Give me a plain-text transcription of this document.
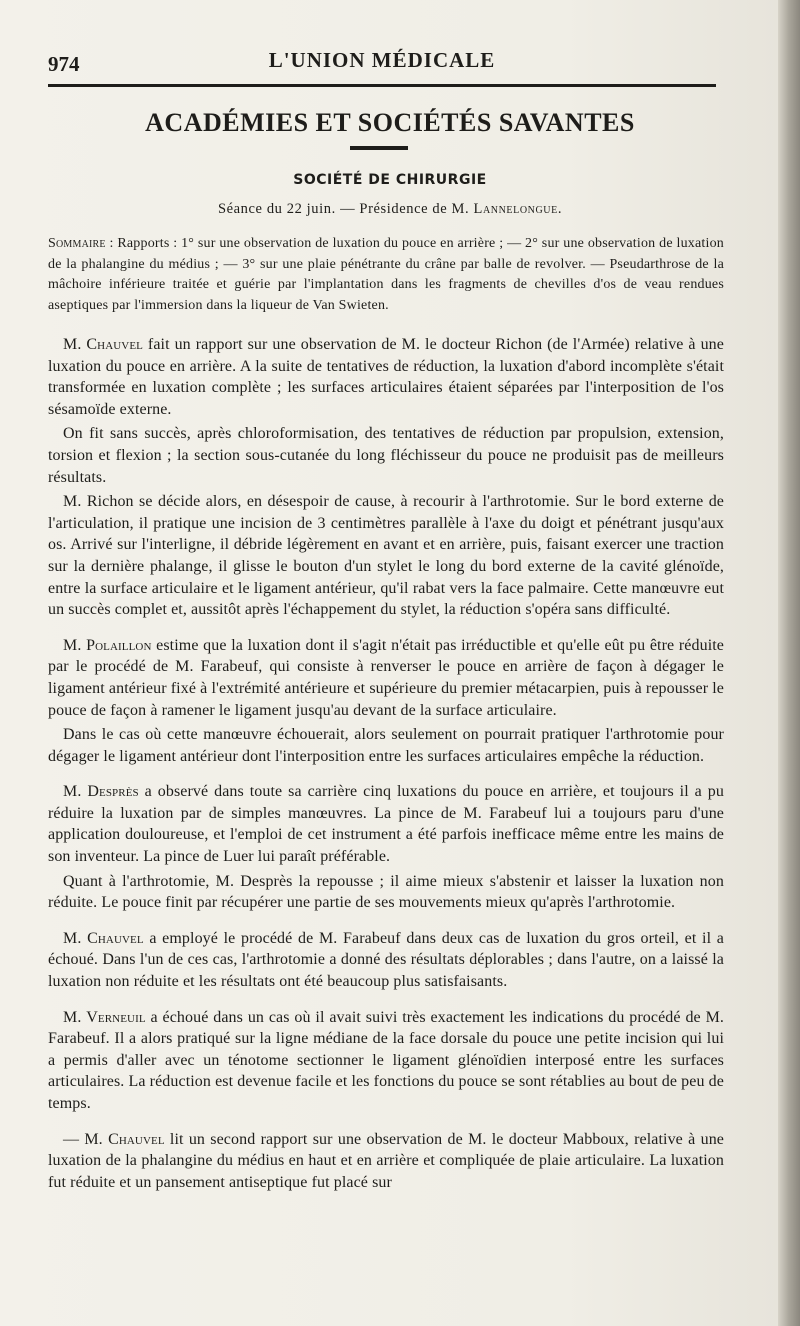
974	L'UNION MÉDICALE
ACADÉMIES ET SOCIÉTÉS SAVANTES
SOCIÉTÉ DE CHIRURGIE
Séance du 22 juin. — Présidence de M. Lannelongue.
Sommaire : Rapports : 1° sur une observation de luxation du pouce en arrière ; — 2° sur une observation de luxation de la phalangine du médius ; — 3° sur une plaie pénétrante du crâne par balle de revolver. — Pseudarthrose de la mâchoire inférieure traitée et guérie par l'implantation dans les fragments de chevilles d'os de veau rendues aseptiques par l'immersion dans la liqueur de Van Swieten.

M. Chauvel fait un rapport sur une observation de M. le docteur Richon (de l'Armée) relative à une luxation du pouce en arrière. A la suite de tentatives de réduction, la luxation d'abord incomplète s'était transformée en luxation complète ; les surfaces articulaires étaient séparées par l'interposition de l'os sésamoïde externe.

On fit sans succès, après chloroformisation, des tentatives de réduction par propulsion, extension, torsion et flexion ; la section sous-cutanée du long fléchisseur du pouce ne produisit pas de meilleurs résultats.

M. Richon se décide alors, en désespoir de cause, à recourir à l'arthrotomie. Sur le bord externe de l'articulation, il pratique une incision de 3 centimètres parallèle à l'axe du doigt et pénétrant jusqu'aux os. Arrivé sur l'interligne, il débride légèrement en avant et en arrière, puis, faisant exercer une traction sur la dernière phalange, il glisse le bouton d'un stylet le long du bord externe de la cavité glénoïde, entre la surface articulaire et le ligament antérieur, qu'il rabat vers la face palmaire. Cette manœuvre eut un succès complet et, aussitôt après l'échappement du stylet, la réduction s'opéra sans difficulté.

M. Polaillon estime que la luxation dont il s'agit n'était pas irréductible et qu'elle eût pu être réduite par le procédé de M. Farabeuf, qui consiste à renverser le pouce en arrière de façon à dégager le ligament antérieur fixé à l'extrémité antérieure et supérieure du premier métacarpien, puis à repousser le pouce de façon à ramener le ligament jusqu'au devant de la surface articulaire.

Dans le cas où cette manœuvre échouerait, alors seulement on pourrait pratiquer l'arthrotomie pour dégager le ligament antérieur dont l'interposition entre les surfaces articulaires empêche la réduction.

M. Desprès a observé dans toute sa carrière cinq luxations du pouce en arrière, et toujours il a pu réduire la luxation par de simples manœuvres. La pince de M. Farabeuf lui a toujours paru d'une application douloureuse, et l'emploi de cet instrument a été parfois inefficace même entre les mains de son inventeur. La pince de Luer lui paraît préférable.

Quant à l'arthrotomie, M. Desprès la repousse ; il aime mieux s'abstenir et laisser la luxation non réduite. Le pouce finit par récupérer une partie de ses mouvements mieux qu'après l'arthrotomie.

M. Chauvel a employé le procédé de M. Farabeuf dans deux cas de luxation du gros orteil, et il a échoué. Dans l'un de ces cas, l'arthrotomie a donné des résultats déplorables ; dans l'autre, on a laissé la luxation non réduite et les résultats ont été beaucoup plus satisfaisants.

M. Verneuil a échoué dans un cas où il avait suivi très exactement les indications du procédé de M. Farabeuf. Il a alors pratiqué sur la ligne médiane de la face dorsale du pouce une petite incision qui lui a permis d'aller avec un ténotome sectionner le ligament glénoïdien interposé entre les surfaces articulaires. La réduction est devenue facile et les fonctions du pouce se sont rétablies au bout de peu de temps.

— M. Chauvel lit un second rapport sur une observation de M. le docteur Mabboux, relative à une luxation de la phalangine du médius en haut et en arrière et compliquée de plaie articulaire. La luxation fut réduite et un pansement antiseptique fut placé sur
